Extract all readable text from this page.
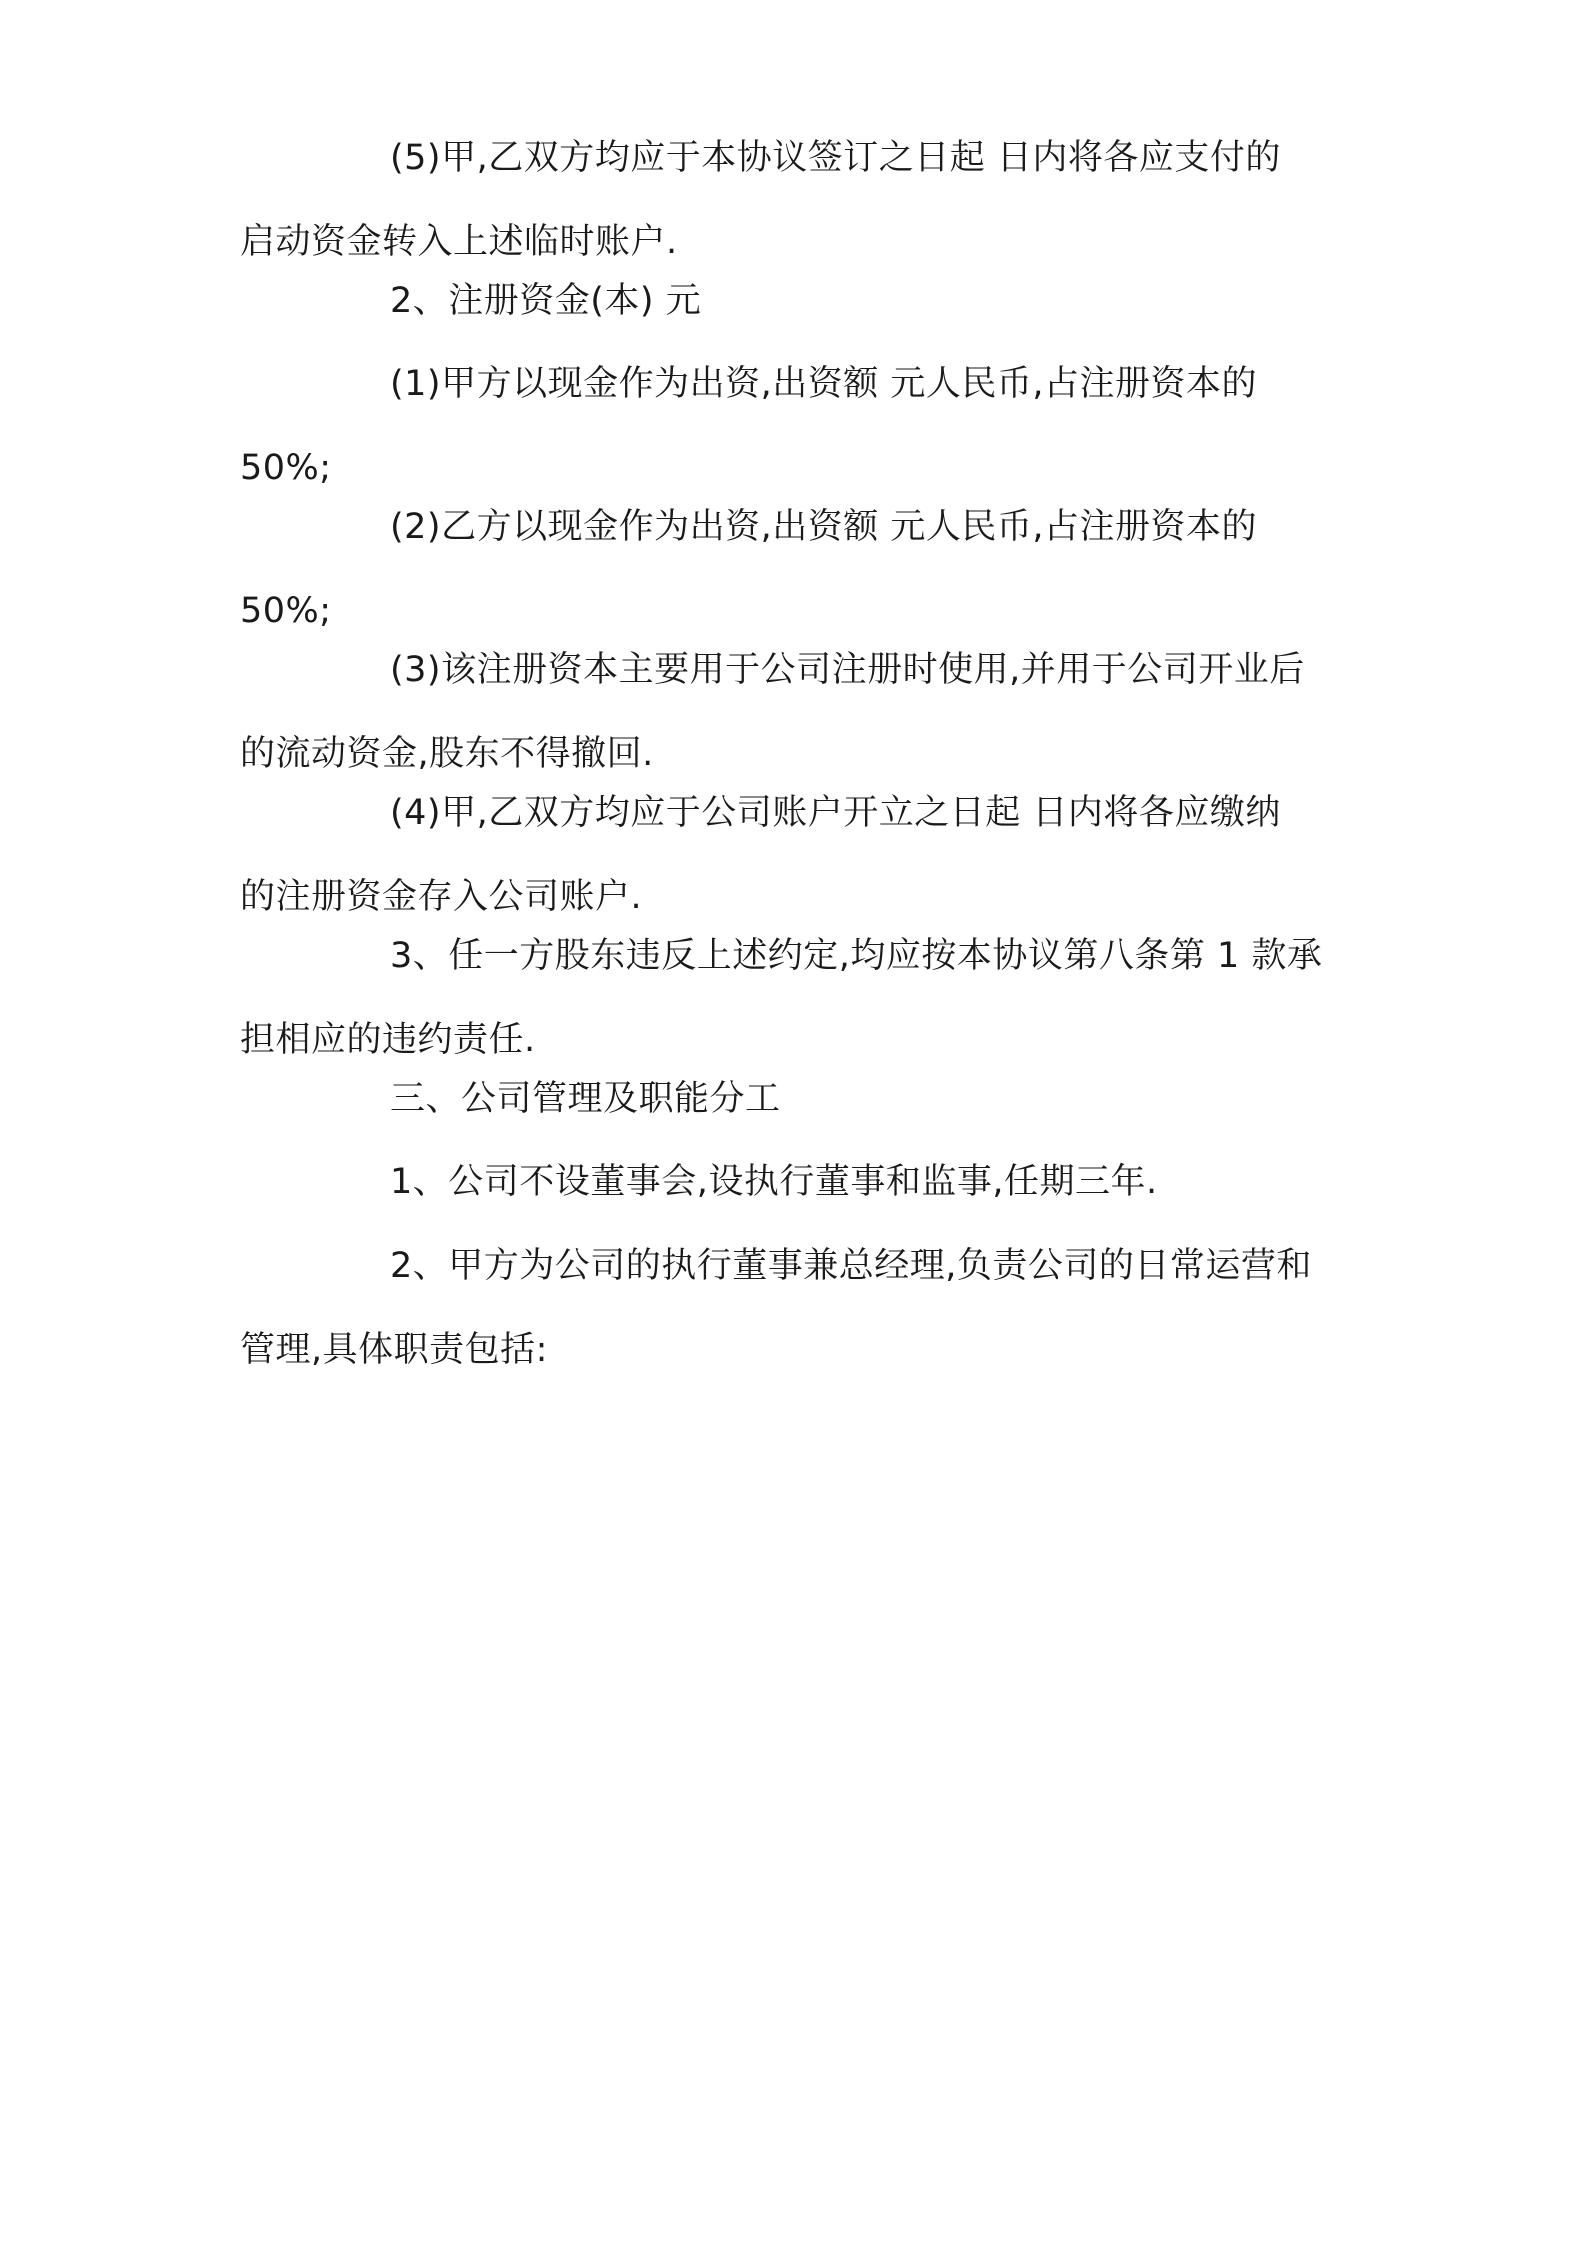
(5)甲,乙双方均应于本协议签订之日起 日内将各应支付的
启动资金转入上述临时账户.

2、注册资金(本) 元

(1)甲方以现金作为出资,出资额 元人民币,占注册资本的
50%;

(2)乙方以现金作为出资,出资额 元人民币,占注册资本的
50%;

(3)该注册资本主要用于公司注册时使用,并用于公司开业后
的流动资金,股东不得撤回.

(4)甲,乙双方均应于公司账户开立之日起 日内将各应缴纳
的注册资金存入公司账户.

3、任一方股东违反上述约定,均应按本协议第八条第 1 款承
担相应的违约责任.

三、公司管理及职能分工

1、公司不设董事会,设执行董事和监事,任期三年.

2、甲方为公司的执行董事兼总经理,负责公司的日常运营和
管理,具体职责包括:
